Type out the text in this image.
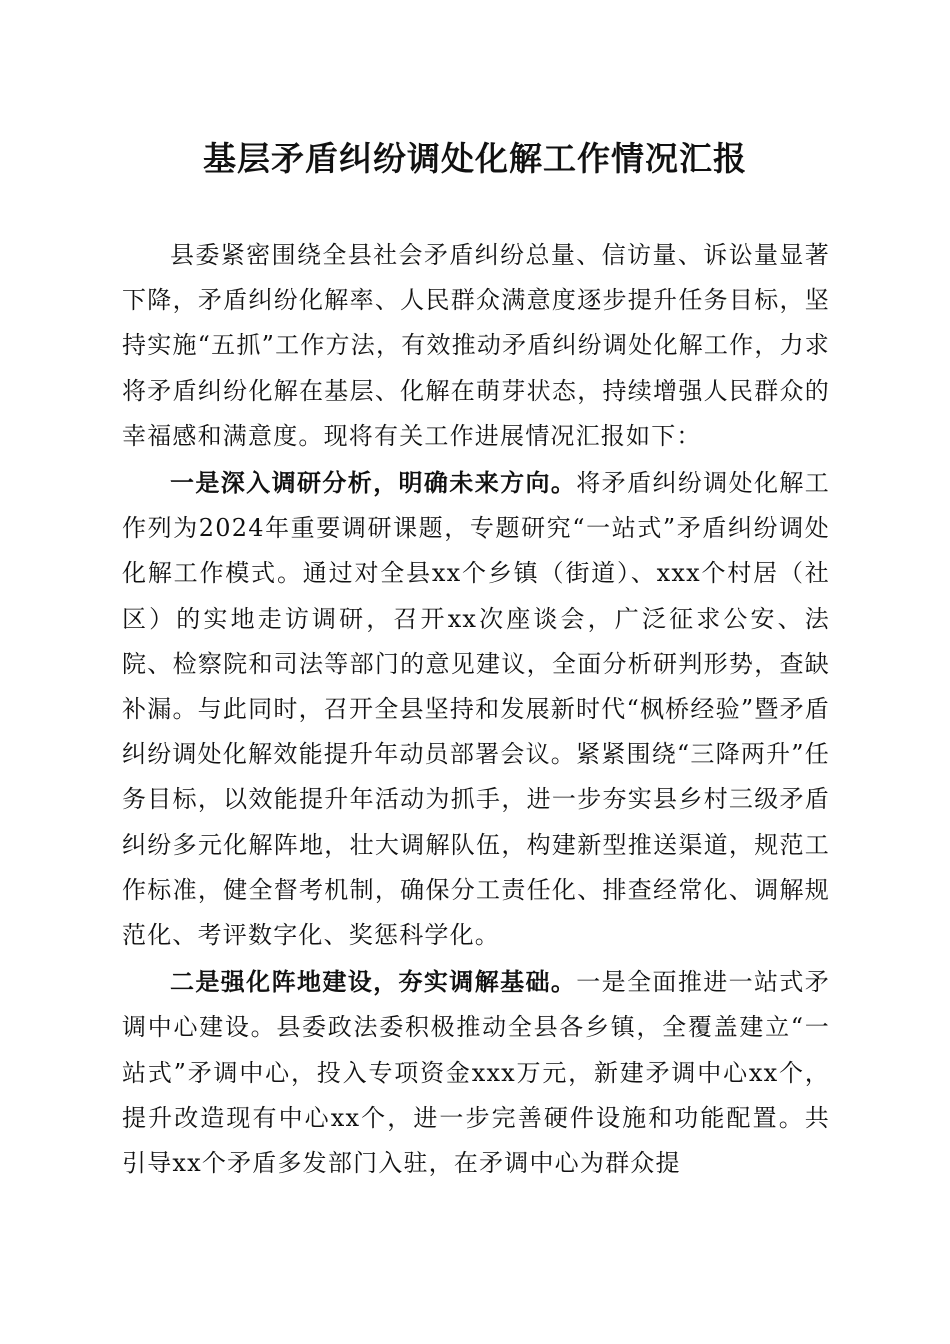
基层矛盾纠纷调处化解工作情况汇报

县委紧密围绕全县社会矛盾纠纷总量、信访量、诉讼量显著下降，矛盾纠纷化解率、人民群众满意度逐步提升任务目标，坚持实施“五抓”工作方法，有效推动矛盾纠纷调处化解工作，力求将矛盾纠纷化解在基层、化解在萌芽状态，持续增强人民群众的幸福感和满意度。现将有关工作进展情况汇报如下：

一是深入调研分析，明确未来方向。将矛盾纠纷调处化解工作列为2024年重要调研课题，专题研究“一站式”矛盾纠纷调处化解工作模式。通过对全县xx个乡镇（街道）、xxx个村居（社区）的实地走访调研，召开xx次座谈会，广泛征求公安、法院、检察院和司法等部门的意见建议，全面分析研判形势，查缺补漏。与此同时，召开全县坚持和发展新时代“枫桥经验”暨矛盾纠纷调处化解效能提升年动员部署会议。紧紧围绕“三降两升”任务目标，以效能提升年活动为抓手，进一步夯实县乡村三级矛盾纠纷多元化解阵地，壮大调解队伍，构建新型推送渠道，规范工作标准，健全督考机制，确保分工责任化、排查经常化、调解规范化、考评数字化、奖惩科学化。

二是强化阵地建设，夯实调解基础。一是全面推进一站式矛调中心建设。县委政法委积极推动全县各乡镇，全覆盖建立“一站式”矛调中心，投入专项资金xxx万元，新建矛调中心xx个，提升改造现有中心xx个，进一步完善硬件设施和功能配置。共引导xx个矛盾多发部门入驻，在矛调中心为群众提
